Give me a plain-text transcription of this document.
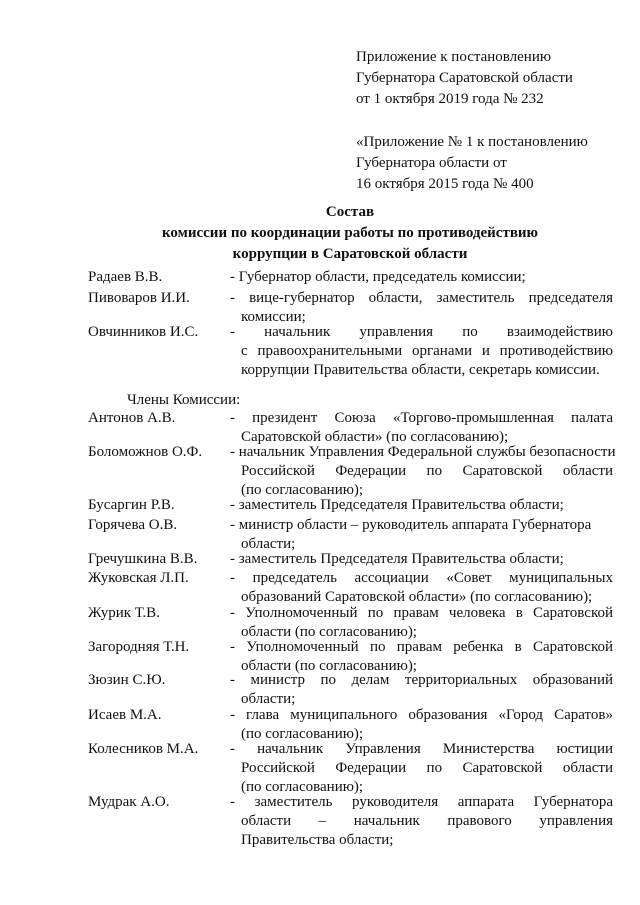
Приложение к постановлению
Губернатора Саратовской области
от 1 октября 2019 года № 232
«Приложение № 1 к постановлению
Губернатора области от
16 октября 2015 года № 400
Состав
комиссии по координации работы по противодействию
коррупции в Саратовской области
Радаев В.В.	- Губернатор области, председатель комиссии;
Пивоваров И.И.	- вице-губернатор области, заместитель председателя
комиссии;
Овчинников И.С. - начальник управления по взаимодействию
с правоохранительными органами и противодействию
коррупции Правительства области, секретарь комиссии.
Члены Комиссии:
Антонов А.В.	- президент Союза «Торгово-промышленная палата
Саратовской области» (по согласованию);
Боломожнов О.Ф. - начальник Управления Федеральной службы безопасности
Российской Федерации по Саратовской области
(по согласованию);
Бусаргин Р.В.	- заместитель Председателя Правительства области;
Горячева О.В.	- министр области – руководитель аппарата Губернатора
области;
Гречушкина В.В. - заместитель Председателя Правительства области;
Жуковская Л.П.	- председатель ассоциации «Совет муниципальных
образований Саратовской области» (по согласованию);
Журик Т.В.	- Уполномоченный по правам человека в Саратовской
области (по согласованию);
Загородняя Т.Н.	- Уполномоченный по правам ребенка в Саратовской
области (по согласованию);
Зюзин С.Ю.	- министр по делам территориальных образований
области;
Исаев М.А.	- глава муниципального образования «Город Саратов»
(по согласованию);
Колесников М.А. - начальник Управления Министерства юстиции
Российской Федерации по Саратовской области
(по согласованию);
Мудрак А.О.	- заместитель руководителя аппарата Губернатора
области – начальник правового управления
Правительства области;
